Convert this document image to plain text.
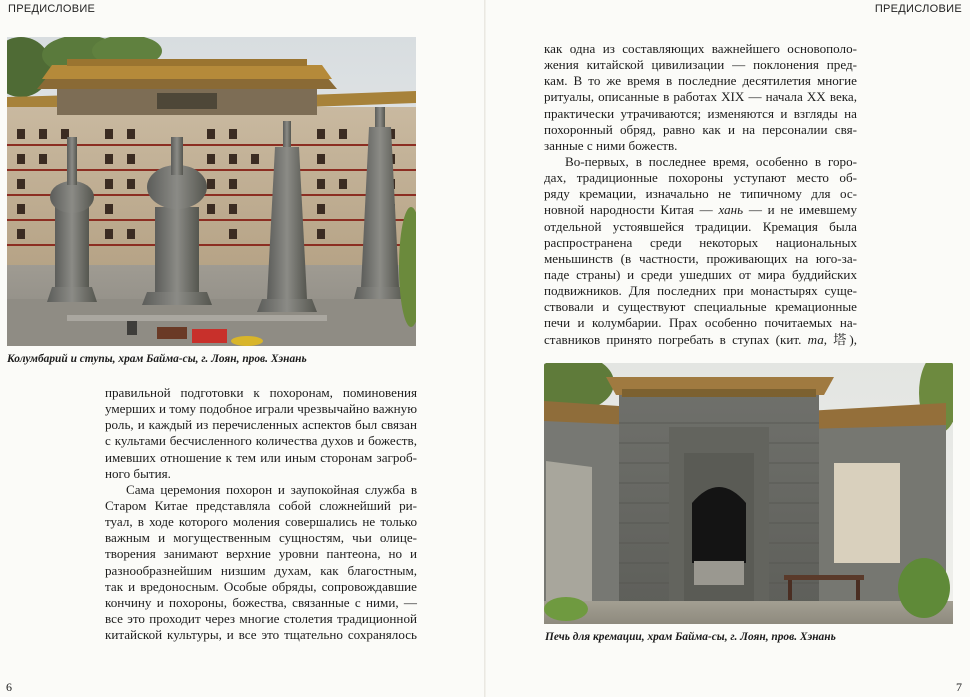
ПРЕДИСЛОВИЕ	ПРЕДИСЛОВИЕ
Колумбарий и ступы, храм Байма-сы, г. Лоян, пров. Хэнань
правильной подготовки к похоронам, поминовения
умерших и тому подобное играли чрезвычайно важную
роль, и каждый из перечисленных аспектов был связан
с культами бесчисленного количества духов и божеств,
имевших отношение к тем или иным сторонам загроб-
ного бытия.
Сама церемония похорон и заупокойная служба в
Старом Китае представляла собой сложнейший ри-
туал, в ходе которого моления совершались не только
важным и могущественным сущностям, чьи олице-
творения занимают верхние уровни пантеона, но и
разнообразнейшим низшим духам, как благостным,
так и вредоносным. Особые обряды, сопровождавшие
кончину и похороны, божества, связанные с ними, —
все это проходит через многие столетия традиционной
китайской культуры, и все это тщательно сохранялось
как одна из составляющих важнейшего основополо-
жения китайской цивилизации — поклонения пред-
кам. В то же время в последние десятилетия многие
ритуалы, описанные в работах XIX — начала XX века,
практически утрачиваются; изменяются и взгляды на
похоронный обряд, равно как и на персоналии свя-
занные с ними божеств.
Во-первых, в последнее время, особенно в горо-
дах, традиционные похороны уступают место об-
ряду кремации, изначально не типичному для ос-
новной народности Китая — хань — и не имевшему
отдельной устоявшейся традиции. Кремация была
распространена среди некоторых национальных
меньшинств (в частности, проживающих на юго-за-
паде страны) и среди ушедших от мира буддийских
подвижников. Для последних при монастырях суще-
ствовали и существуют специальные кремационные
печи и колумбарии. Прах особенно почитаемых на-
ставников принято погребать в ступах (кит. та, 塔),
Печь для кремации, храм Байма-сы, г. Лоян, пров. Хэнань
6	7
